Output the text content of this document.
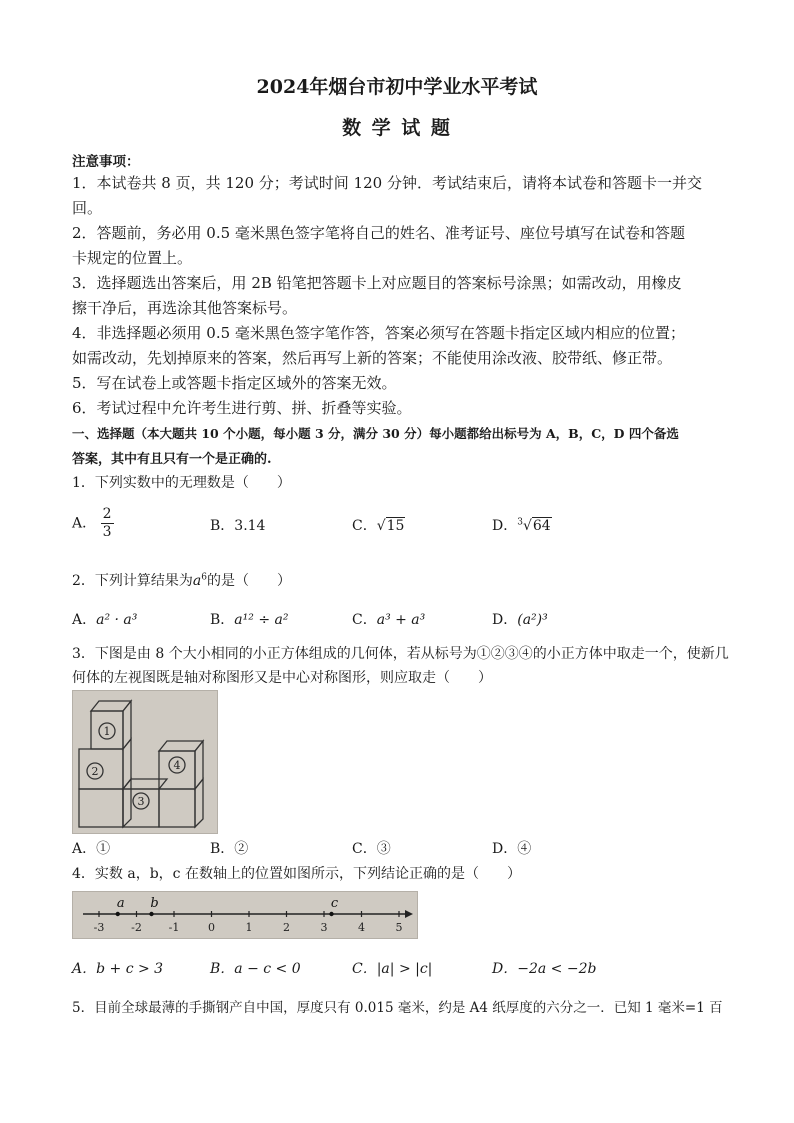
2024年烟台市初中学业水平考试
数 学 试 题
注意事项：
1．本试卷共 8 页，共 120 分；考试时间 120 分钟．考试结束后，请将本试卷和答题卡一并交
回。
2．答题前，务必用 0.5 毫米黑色签字笔将自己的姓名、准考证号、座位号填写在试卷和答题
卡规定的位置上。
3．选择题选出答案后，用 2B 铅笔把答题卡上对应题目的答案标号涂黑；如需改动，用橡皮
擦干净后，再选涂其他答案标号。
4．非选择题必须用 0.5 毫米黑色签字笔作答，答案必须写在答题卡指定区域内相应的位置；
如需改动，先划掉原来的答案，然后再写上新的答案；不能使用涂改液、胶带纸、修正带。
5．写在试卷上或答题卡指定区域外的答案无效。
6．考试过程中允许考生进行剪、拼、折叠等实验。
一、选择题（本大题共 10 个小题，每小题 3 分，满分 30 分）每小题都给出标号为 A，B，C，D 四个备选
答案，其中有且只有一个是正确的.
1．下列实数中的无理数是（　　）
A． $\frac{2}{3}$	B．3.14	C．√15	D．$^3$√64
2．下列计算结果为$a^6$的是（　　）
A．a² · a³	B．a¹² ÷ a²	C．a³ + a³	D．(a²)³
3．下图是由 8 个大小相同的小正方体组成的几何体，若从标号为①②③④的小正方体中取走一个，使新几
何体的左视图既是轴对称图形又是中心对称图形，则应取走（　　）
1
2
3
4
A．①	B．②	C．③	D．④
4．实数 a，b，c 在数轴上的位置如图所示，下列结论正确的是（　　）
-3 -2 -1	0	1	2	3	4	5
a b	c
A．b + c > 3	B．a − c < 0	C．|a| > |c|	D．−2a < −2b
5．目前全球最薄的手撕钢产自中国，厚度只有 0.015 毫米，约是 A4 纸厚度的六分之一．已知 1 毫米=1 百
